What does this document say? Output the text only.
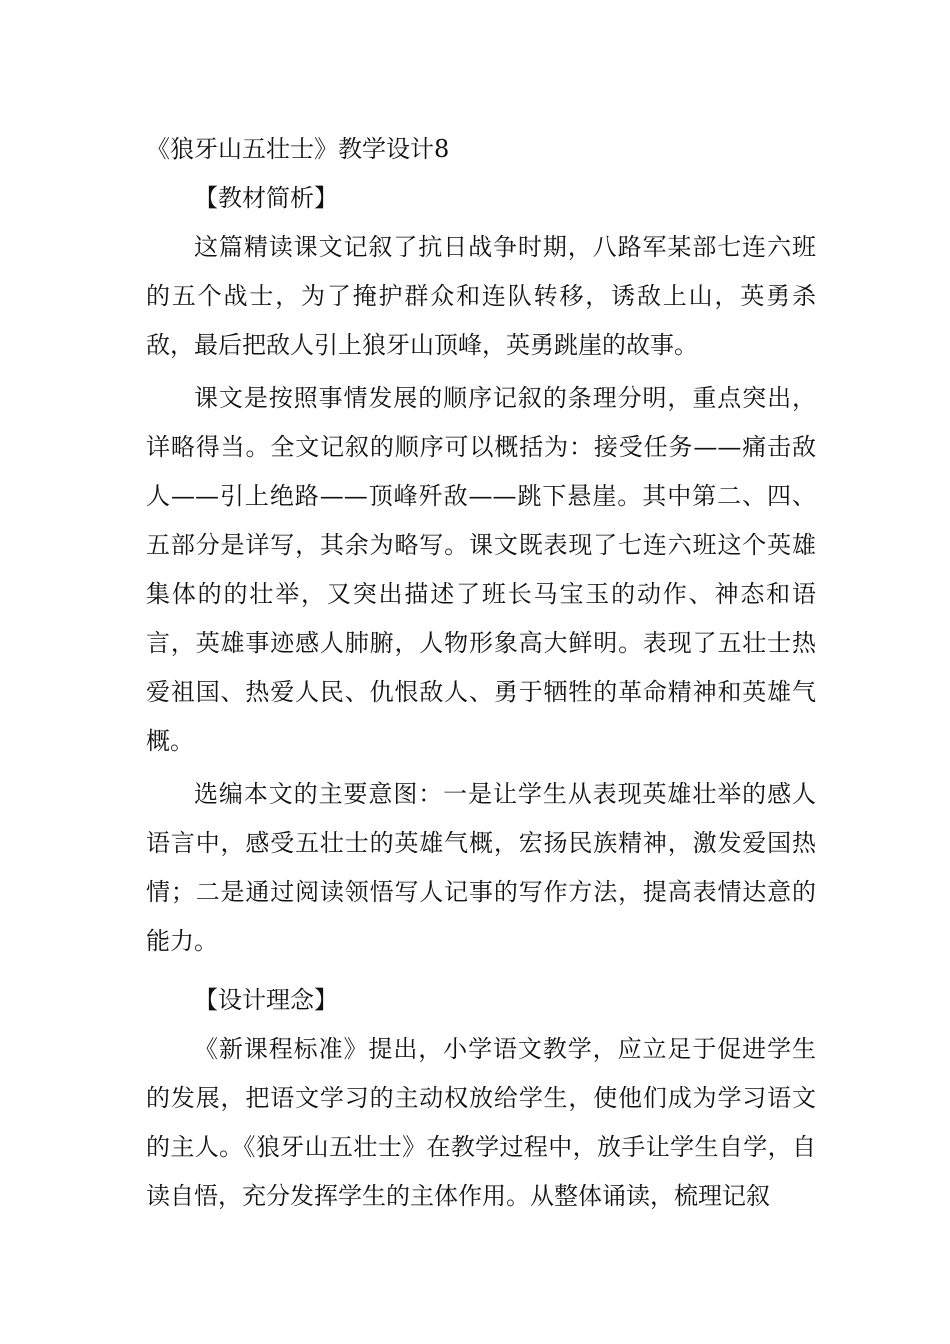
《狼牙山五壮士》教学设计8
【教材简析】

这篇精读课文记叙了抗日战争时期，八路军某部七连六班的五个战士，为了掩护群众和连队转移，诱敌上山，英勇杀敌，最后把敌人引上狼牙山顶峰，英勇跳崖的故事。

课文是按照事情发展的顺序记叙的条理分明，重点突出，详略得当。全文记叙的顺序可以概括为：接受任务——痛击敌人——引上绝路——顶峰歼敌——跳下悬崖。其中第二、四、五部分是详写，其余为略写。课文既表现了七连六班这个英雄集体的的壮举，又突出描述了班长马宝玉的动作、神态和语言，英雄事迹感人肺腑，人物形象高大鲜明。表现了五壮士热爱祖国、热爱人民、仇恨敌人、勇于牺牲的革命精神和英雄气概。

选编本文的主要意图：一是让学生从表现英雄壮举的感人语言中，感受五壮士的英雄气概，宏扬民族精神，激发爱国热情；二是通过阅读领悟写人记事的写作方法，提高表情达意的能力。

【设计理念】

《新课程标准》提出，小学语文教学，应立足于促进学生的发展，把语文学习的主动权放给学生，使他们成为学习语文的主人。《狼牙山五壮士》在教学过程中，放手让学生自学，自读自悟，充分发挥学生的主体作用。从整体诵读，梳理记叙
